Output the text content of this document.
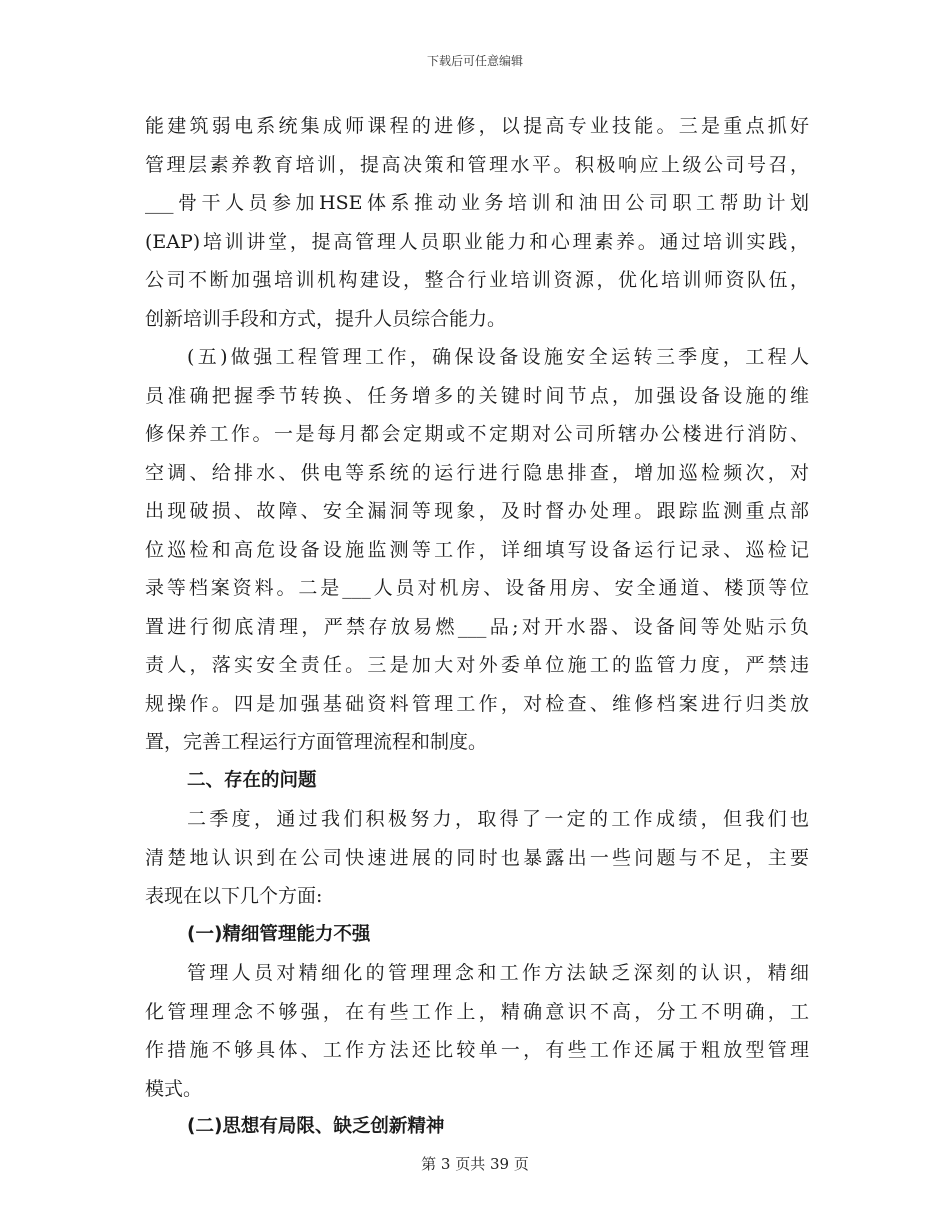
下载后可任意编辑
能建筑弱电系统集成师课程的进修，以提高专业技能。三是重点抓好
管理层素养教育培训，提高决策和管理水平。积极响应上级公司号召，
___骨干人员参加HSE体系推动业务培训和油田公司职工帮助计划
(EAP)培训讲堂，提高管理人员职业能力和心理素养。通过培训实践，
公司不断加强培训机构建设，整合行业培训资源，优化培训师资队伍，
创新培训手段和方式，提升人员综合能力。
(五)做强工程管理工作，确保设备设施安全运转三季度，工程人
员准确把握季节转换、任务增多的关键时间节点，加强设备设施的维
修保养工作。一是每月都会定期或不定期对公司所辖办公楼进行消防、
空调、给排水、供电等系统的运行进行隐患排查，增加巡检频次，对
出现破损、故障、安全漏洞等现象，及时督办处理。跟踪监测重点部
位巡检和高危设备设施监测等工作，详细填写设备运行记录、巡检记
录等档案资料。二是___人员对机房、设备用房、安全通道、楼顶等位
置进行彻底清理，严禁存放易燃___品;对开水器、设备间等处贴示负
责人，落实安全责任。三是加大对外委单位施工的监管力度，严禁违
规操作。四是加强基础资料管理工作，对检查、维修档案进行归类放
置，完善工程运行方面管理流程和制度。
二、存在的问题
二季度，通过我们积极努力，取得了一定的工作成绩，但我们也
清楚地认识到在公司快速进展的同时也暴露出一些问题与不足，主要
表现在以下几个方面:
(一)精细管理能力不强
管理人员对精细化的管理理念和工作方法缺乏深刻的认识，精细
化管理理念不够强，在有些工作上，精确意识不高，分工不明确，工
作措施不够具体、工作方法还比较单一，有些工作还属于粗放型管理
模式。
(二)思想有局限、缺乏创新精神
第 3 页共 39 页
